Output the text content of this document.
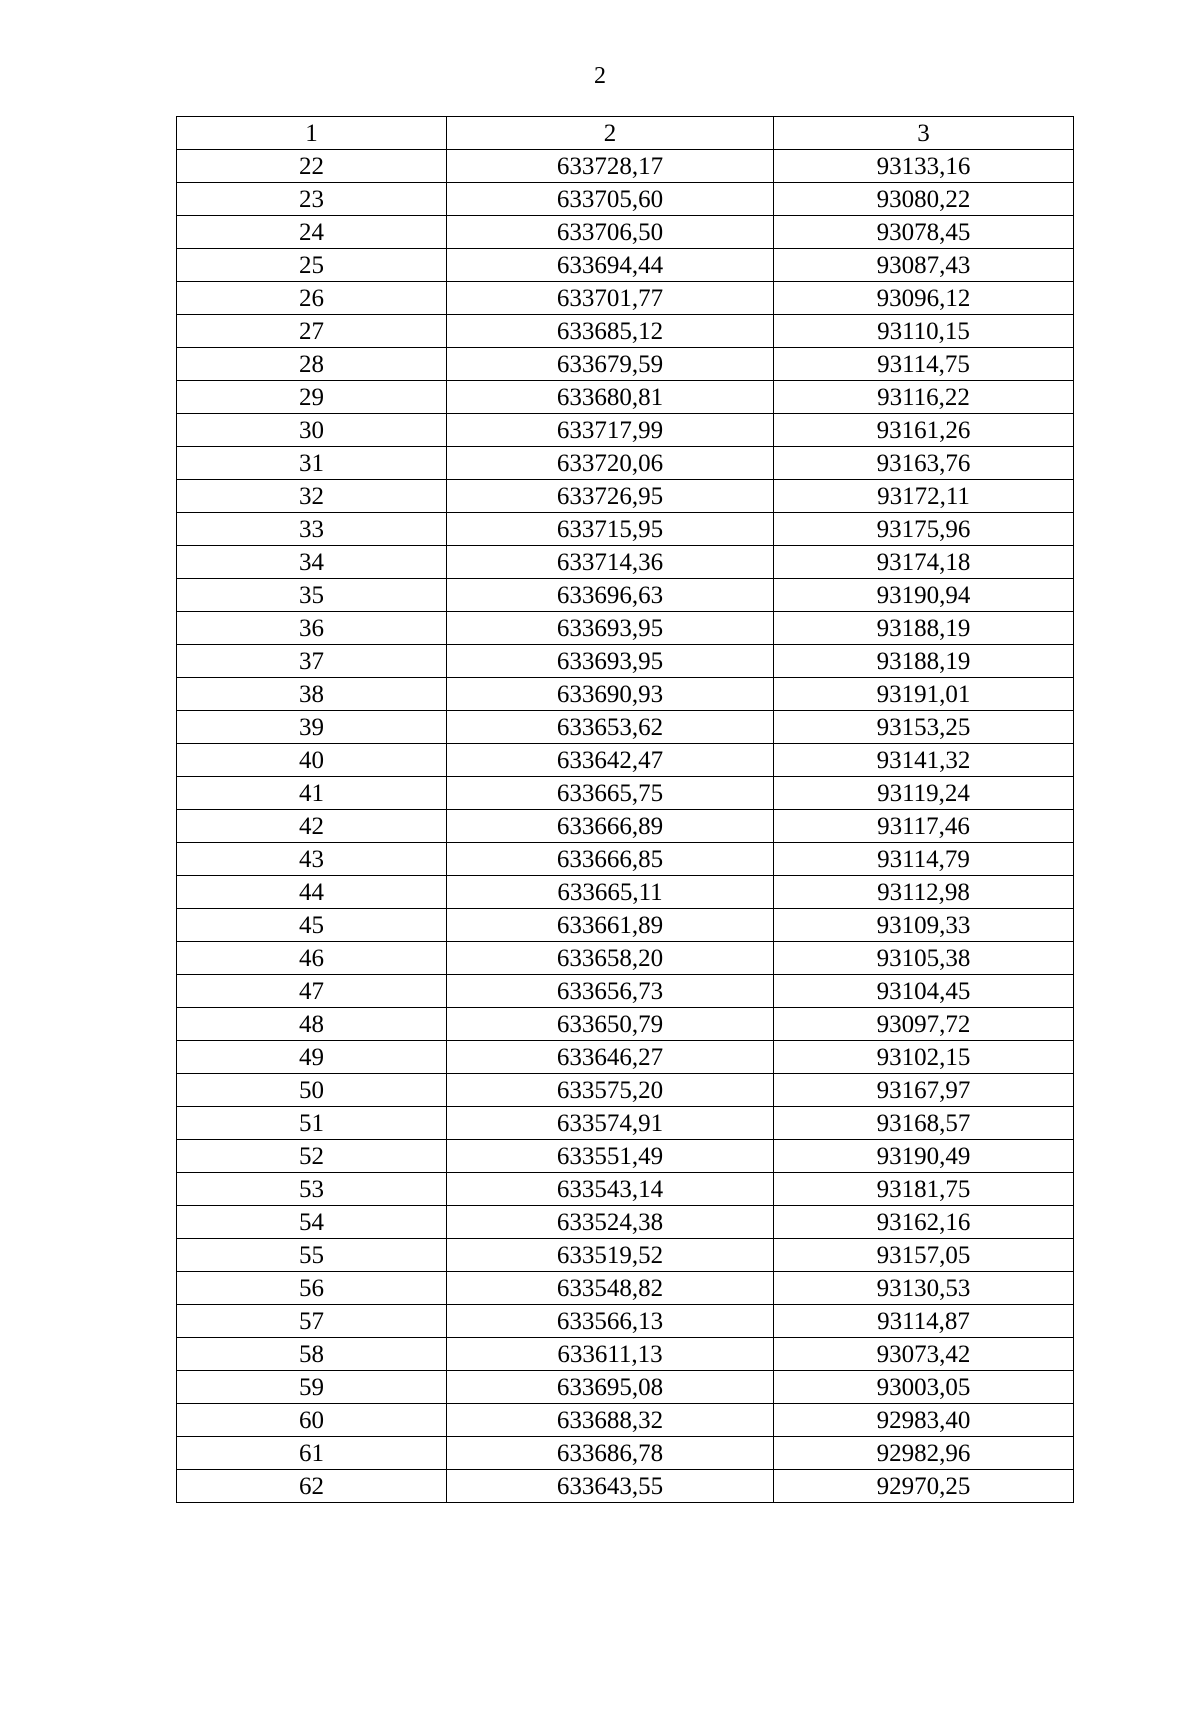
2
1	2	3
22	633728,17	93133,16
23	633705,60	93080,22
24	633706,50	93078,45
25	633694,44	93087,43
26	633701,77	93096,12
27	633685,12	93110,15
28	633679,59	93114,75
29	633680,81	93116,22
30	633717,99	93161,26
31	633720,06	93163,76
32	633726,95	93172,11
33	633715,95	93175,96
34	633714,36	93174,18
35	633696,63	93190,94
36	633693,95	93188,19
37	633693,95	93188,19
38	633690,93	93191,01
39	633653,62	93153,25
40	633642,47	93141,32
41	633665,75	93119,24
42	633666,89	93117,46
43	633666,85	93114,79
44	633665,11	93112,98
45	633661,89	93109,33
46	633658,20	93105,38
47	633656,73	93104,45
48	633650,79	93097,72
49	633646,27	93102,15
50	633575,20	93167,97
51	633574,91	93168,57
52	633551,49	93190,49
53	633543,14	93181,75
54	633524,38	93162,16
55	633519,52	93157,05
56	633548,82	93130,53
57	633566,13	93114,87
58	633611,13	93073,42
59	633695,08	93003,05
60	633688,32	92983,40
61	633686,78	92982,96
62	633643,55	92970,25
